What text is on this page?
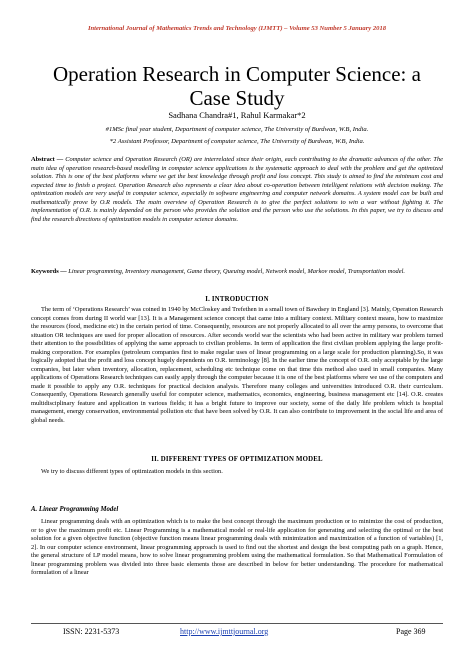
International Journal of Mathematics Trends and Technology (IJMTT) – Volume 53 Number 5 January 2018
Operation Research in Computer Science: a Case Study
Sadhana Chandra#1, Rahul Karmakar*2
#1MSc final year student, Department of computer science, The University of Burdwan, W.B, India.
*2 Assistant Professor, Department of computer science, The University of Burdwan, W.B, India.

Abstract — Computer science and Operation Research (OR) are interrelated since their origin, each contributing to the dramatic advances of the other. The main idea of operation research-based modelling in computer science applications is the systematic approach to deal with the problem and get the optimized solution. This is one of the best platforms where we get the best knowledge through profit and loss concept. This study is aimed to find the minimum cost and expected time to finish a project. Operation Research also represents a clear idea about co-operation between intelligent relations with decision making. The optimization models are very useful in computer science, especially in software engineering and computer network domains. A system model can be built and mathematically prove by O.R models. The main overview of Operation Research is to give the perfect solutions to win a war without fighting it. The implementation of O.R. is mainly depended on the person who provides the solution and the person who use the solutions. In this paper, we try to discuss and find the research directions of optimization models in computer science domains.

Keywords — Linear programming, Inventory management, Game theory, Queuing model, Network model, Markov model, Transportation model.

I. INTRODUCTION

The term of ‘Operations Research’ was coined in 1940 by McCloskey and Trefethen in a small town of Bawdsey in England [3]. Mainly, Operation Research concept comes from during II world war [13]. It is a Management science concept that came into a military context. Military context means, how to maximize the resources (food, medicine etc) in the certain period of time. Consequently, resources are not properly allocated to all over the army persons, to overcome that situation OR techniques are used for proper allocation of resources. After seconds world war the scientists who had been active in military war problem turned their attention to the possibilities of applying the same approach to civilian problems. In term of application the first civilian problem applying the large profit-making corporation. For examples (petroleum companies first to make regular uses of linear programming on a large scale for production planning).So, it was logically adopted that the profit and loss concept hugely dependents on O.R. terminology [8]. In the earlier time the concept of O.R. only acceptable by the large companies, but later when inventory, allocation, replacement, scheduling etc technique come on that time this method also used in small companies. Many applications of Operations Research techniques can easily apply through the computer because it is one of the best platforms where we use of the computers and made it possible to apply any O.R. techniques for practical decision analysis. Therefore many colleges and universities introduced O.R. their curriculum. Consequently, Operations Research generally useful for computer science, mathematics, economics, engineering, business management etc [14]. O.R. creates multidisciplinary feature and application in various fields; it has a bright future to improve our society, some of the daily life problem which is hospital management, energy conservation, environmental pollution etc that have been solved by O.R. It can also contribute to improvement in the social life and area of global needs.

II. DIFFERENT TYPES OF OPTIMIZATION MODEL

We try to discuss different types of optimization models in this section.

A. Linear Programming Model

Linear programming deals with an optimization which is to make the best concept through the maximum production or to minimize the cost of production, or to give the maximum profit etc. Linear Programming is a mathematical model or real-life application for generating and selecting the optimal or the best solution for a given objective function (objective function means linear programming deals with minimization and maximization of a function of variables) [1, 2]. In our computer science environment, linear programming approach is used to find out the shortest and design the best computing path on a graph. Hence, the general structure of LP model means, how to solve linear programming problem using the mathematical formulation. So that Mathematical Formulation of linear programming problem was divided into three basic elements those are described in below for better understanding. The procedure for mathematical formulation of a linear

ISSN: 2231-5373	http://www.ijmttjournal.org	Page 369
